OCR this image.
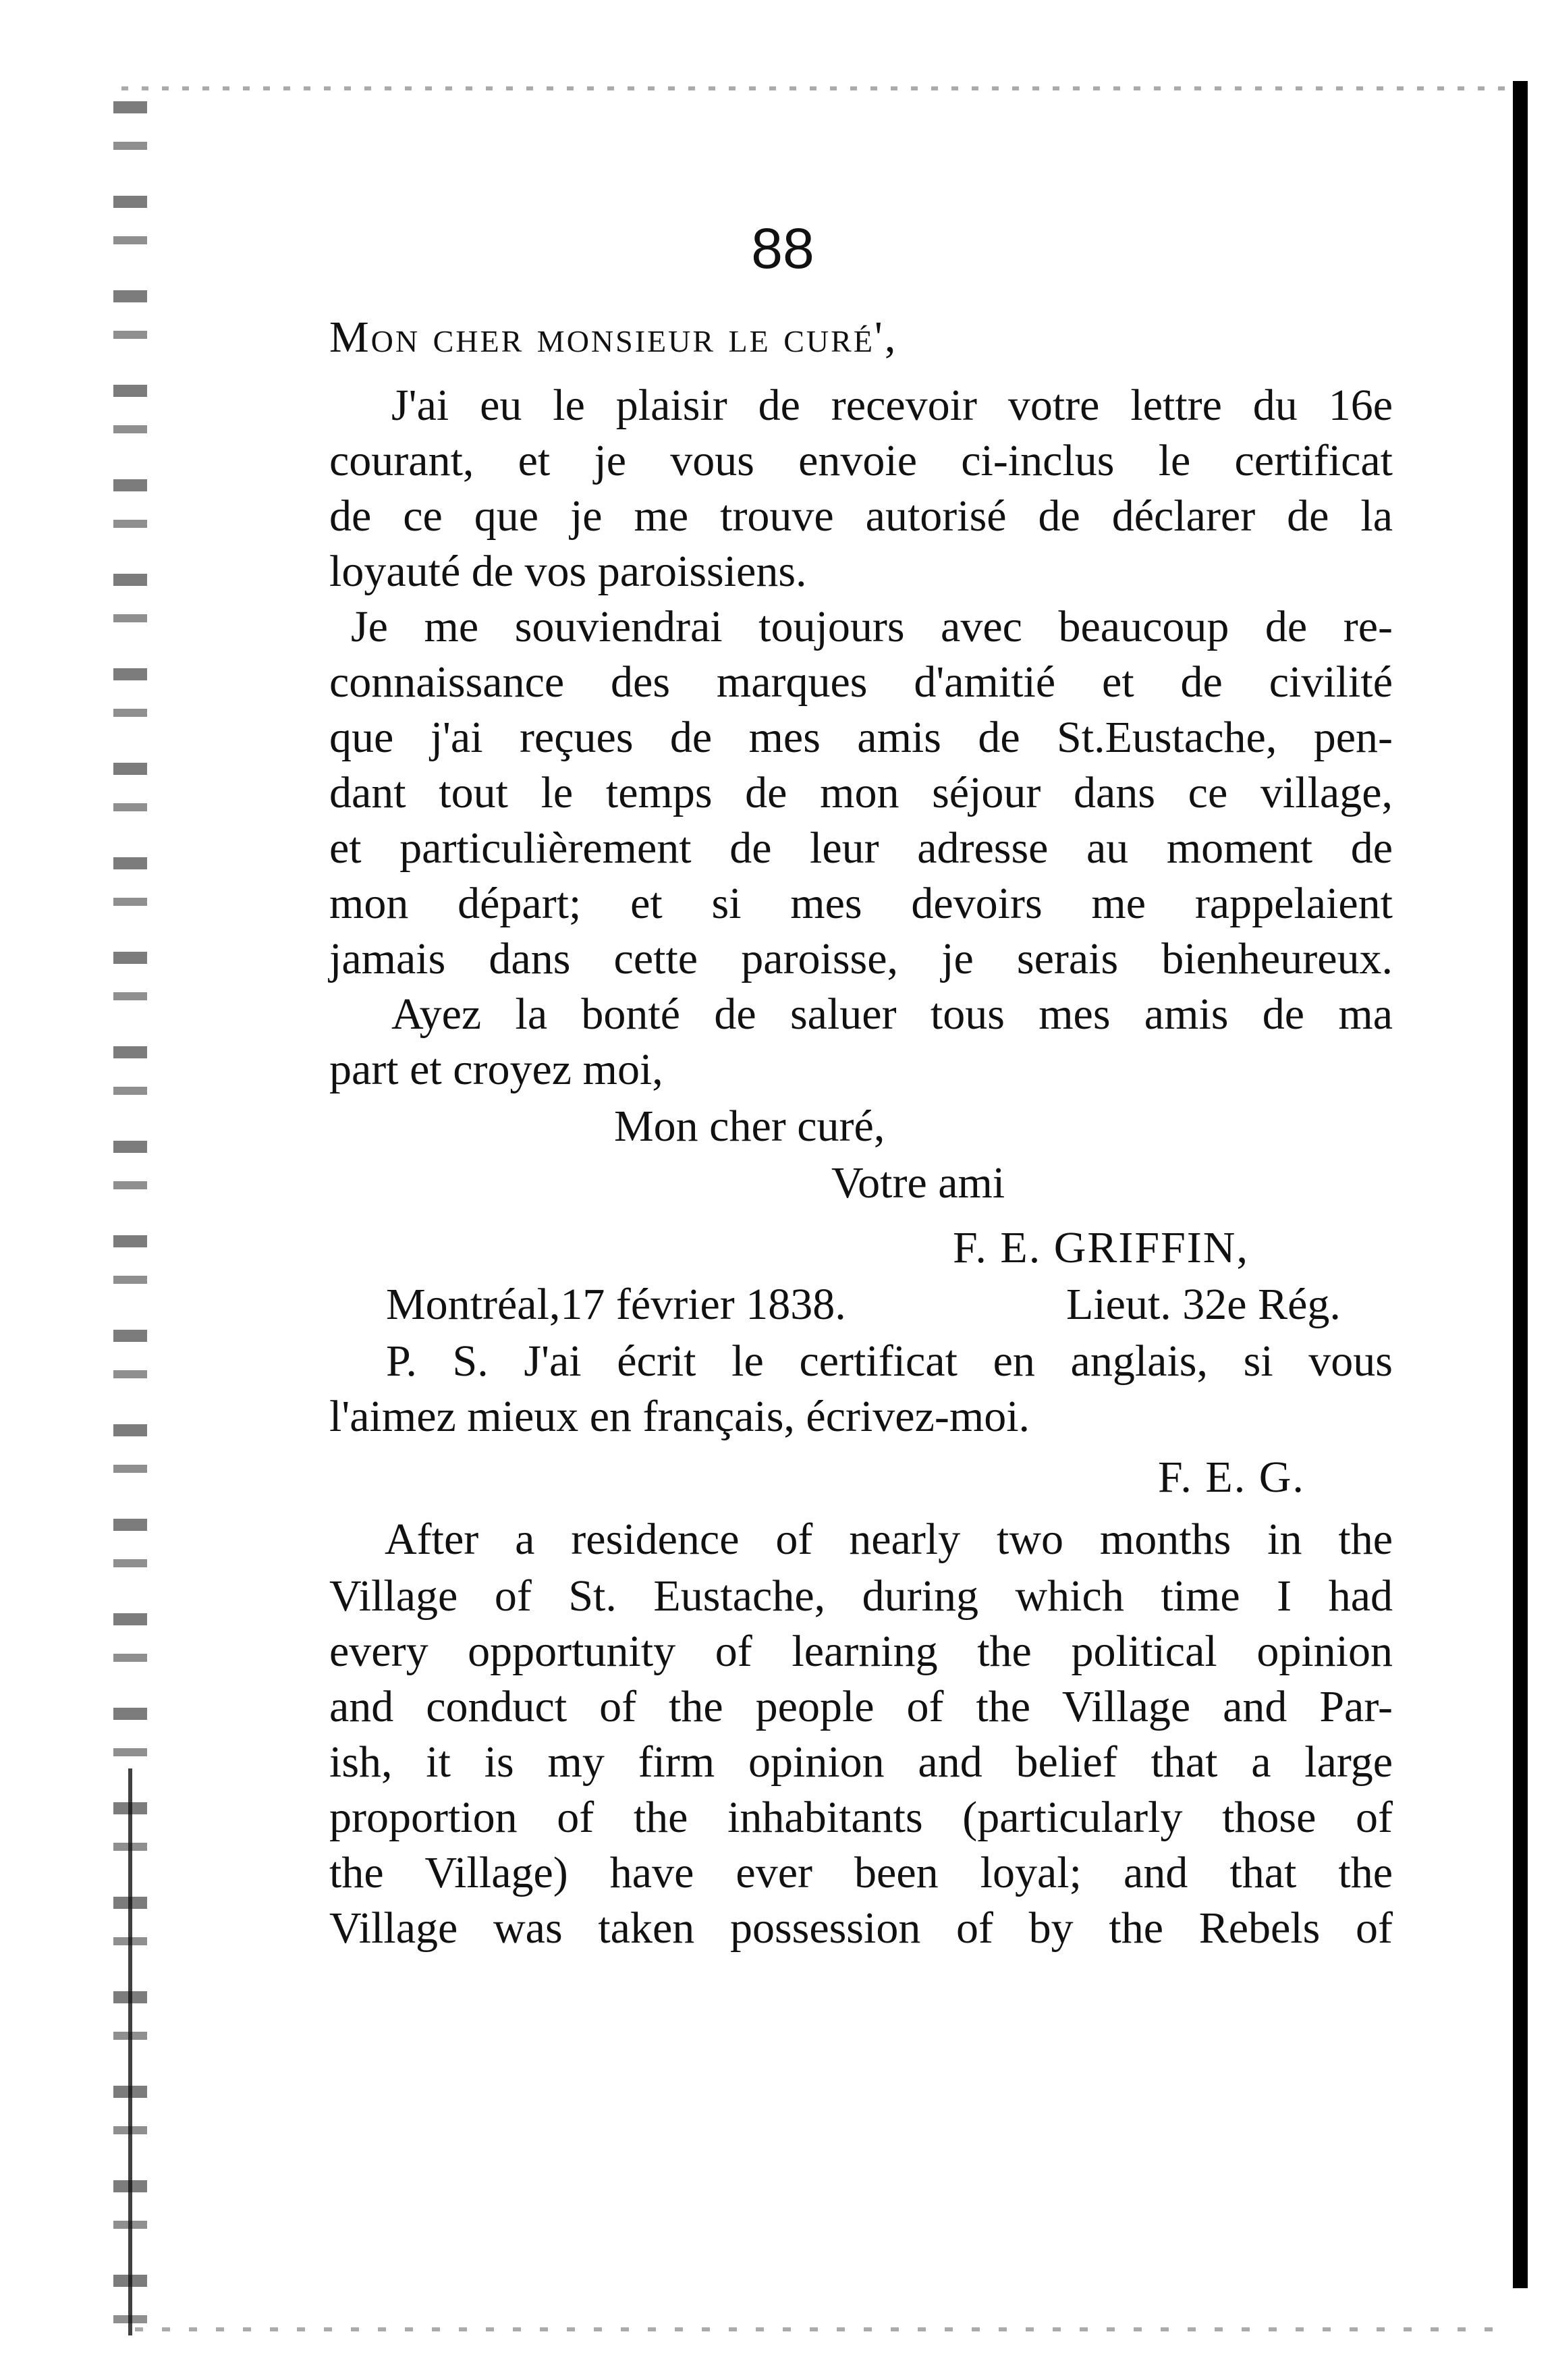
88
Mon cher monsieur le curé',
J'ai eu le plaisir de recevoir votre lettre du 16e
courant, et je vous envoie ci-inclus le certificat
de ce que je me trouve autorisé de déclarer de la
loyauté de vos paroissiens.
Je me souviendrai toujours avec beaucoup de re-
connaissance des marques d'amitié et de civilité
que j'ai reçues de mes amis de St.Eustache, pen-
dant tout le temps de mon séjour dans ce village,
et particulièrement de leur adresse au moment de
mon départ; et si mes devoirs me rappelaient
jamais dans cette paroisse, je serais bienheureux.
Ayez la bonté de saluer tous mes amis de ma
part et croyez moi,
Mon cher curé,
Votre ami
F. E. GRIFFIN,
Montréal,17 février 1838.	Lieut. 32e Rég.
P. S. J'ai écrit le certificat en anglais, si vous
l'aimez mieux en français, écrivez-moi.
F. E. G.
After a residence of nearly two months in the
Village of St. Eustache, during which time I had
every opportunity of learning the political opinion
and conduct of the people of the Village and Par-
ish, it is my firm opinion and belief that a large
proportion of the inhabitants (particularly those of
the Village) have ever been loyal; and that the
Village was taken possession of by the Rebels of
